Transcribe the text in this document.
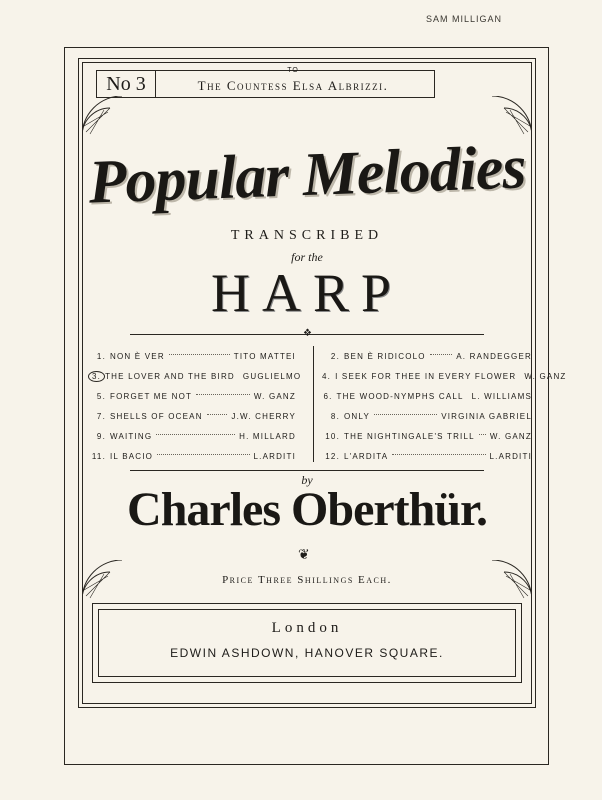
SAM MILLIGAN
No 3
TO
The Countess Elsa Albrizzi.
Popular Melodies
TRANSCRIBED
for the
HARP
❖
1. NON È VER	TITO MATTEI
3. THE LOVER AND THE BIRD GUGLIELMO
5. FORGET ME NOT	W. GANZ
7. SHELLS OF OCEAN	J.W. CHERRY
9. WAITING	H. MILLARD
11. IL BACIO	L.ARDITI
2. BEN È RIDICOLO	A. RANDEGGER
4. I SEEK FOR THEE IN EVERY FLOWER W. GANZ
6. THE WOOD-NYMPHS CALL L. WILLIAMS
8. ONLY	VIRGINIA GABRIEL
10. THE NIGHTINGALE'S TRILL W. GANZ
12. L'ARDITA	L.ARDITI
by
Charles Oberthür.
❦
Price Three Shillings Each.
London
EDWIN ASHDOWN, HANOVER SQUARE.
